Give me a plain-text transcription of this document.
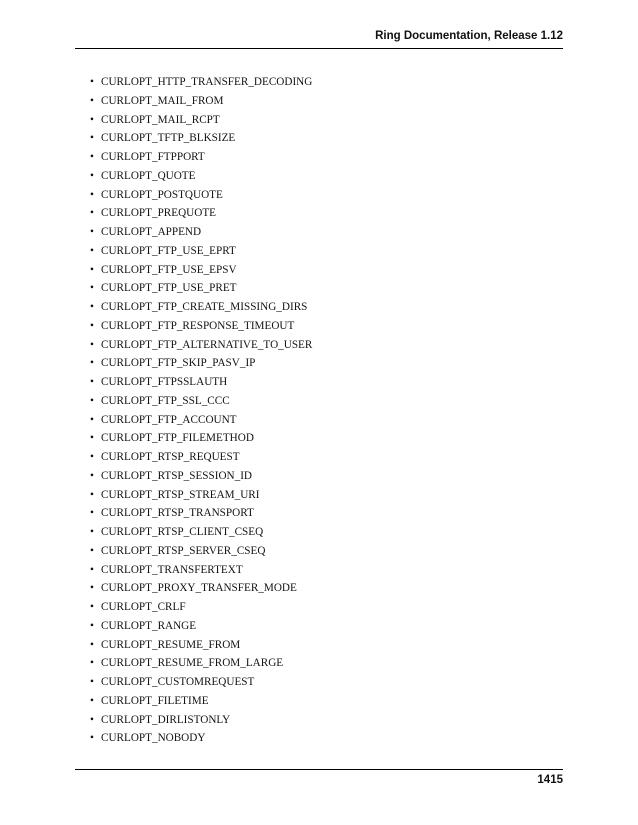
Ring Documentation, Release 1.12
• CURLOPT_HTTP_TRANSFER_DECODING
• CURLOPT_MAIL_FROM
• CURLOPT_MAIL_RCPT
• CURLOPT_TFTP_BLKSIZE
• CURLOPT_FTPPORT
• CURLOPT_QUOTE
• CURLOPT_POSTQUOTE
• CURLOPT_PREQUOTE
• CURLOPT_APPEND
• CURLOPT_FTP_USE_EPRT
• CURLOPT_FTP_USE_EPSV
• CURLOPT_FTP_USE_PRET
• CURLOPT_FTP_CREATE_MISSING_DIRS
• CURLOPT_FTP_RESPONSE_TIMEOUT
• CURLOPT_FTP_ALTERNATIVE_TO_USER
• CURLOPT_FTP_SKIP_PASV_IP
• CURLOPT_FTPSSLAUTH
• CURLOPT_FTP_SSL_CCC
• CURLOPT_FTP_ACCOUNT
• CURLOPT_FTP_FILEMETHOD
• CURLOPT_RTSP_REQUEST
• CURLOPT_RTSP_SESSION_ID
• CURLOPT_RTSP_STREAM_URI
• CURLOPT_RTSP_TRANSPORT
• CURLOPT_RTSP_CLIENT_CSEQ
• CURLOPT_RTSP_SERVER_CSEQ
• CURLOPT_TRANSFERTEXT
• CURLOPT_PROXY_TRANSFER_MODE
• CURLOPT_CRLF
• CURLOPT_RANGE
• CURLOPT_RESUME_FROM
• CURLOPT_RESUME_FROM_LARGE
• CURLOPT_CUSTOMREQUEST
• CURLOPT_FILETIME
• CURLOPT_DIRLISTONLY
• CURLOPT_NOBODY
1415
